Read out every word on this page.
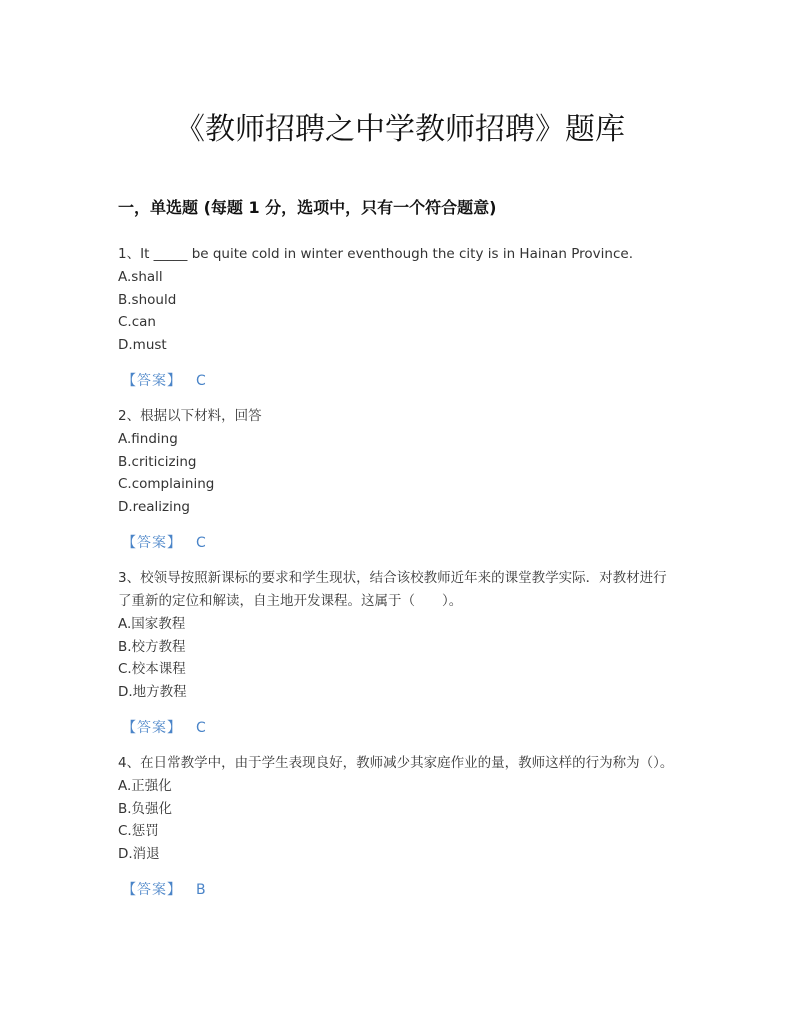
《教师招聘之中学教师招聘》题库
一，单选题 (每题 1 分，选项中，只有一个符合题意)

1、It _____ be quite cold in winter eventhough the city is in Hainan Province.

A.shall

B.should

C.can

D.must

【答案】 C

2、根据以下材料，回答

A.finding

B.criticizing

C.complaining

D.realizing

【答案】 C

3、校领导按照新课标的要求和学生现状，结合该校教师近年来的课堂教学实际．对教材进行了重新的定位和解读，自主地开发课程。这属于（　　）。

A.国家教程

B.校方教程

C.校本课程

D.地方教程

【答案】 C

4、在日常教学中，由于学生表现良好，教师减少其家庭作业的量，教师这样的行为称为（）。

A.正强化

B.负强化

C.惩罚

D.消退

【答案】 B
